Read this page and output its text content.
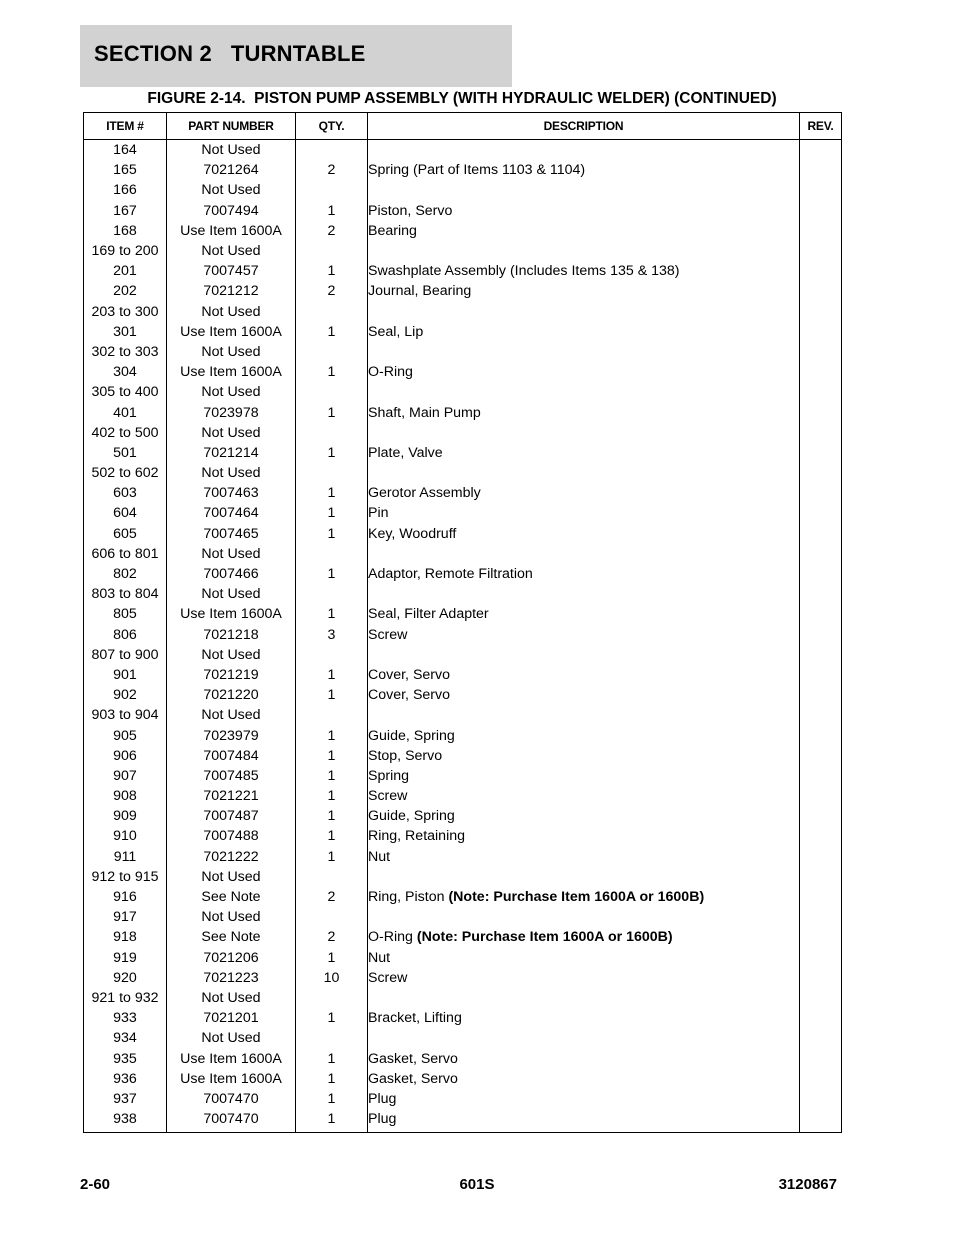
SECTION 2   TURNTABLE
FIGURE 2-14.  PISTON PUMP ASSEMBLY (WITH HYDRAULIC WELDER) (CONTINUED)
ITEM #	PART NUMBER	QTY.	DESCRIPTION	REV.
164	Not Used			
165	7021264	2	Spring (Part of Items 1103 & 1104)	
166	Not Used			
167	7007494	1	Piston, Servo	
168	Use Item 1600A	2	Bearing	
169 to 200	Not Used			
201	7007457	1	Swashplate Assembly (Includes Items 135 & 138)	
202	7021212	2	Journal, Bearing	
203 to 300	Not Used			
301	Use Item 1600A	1	Seal, Lip	
302 to 303	Not Used			
304	Use Item 1600A	1	O-Ring	
305 to 400	Not Used			
401	7023978	1	Shaft, Main Pump	
402 to 500	Not Used			
501	7021214	1	Plate, Valve	
502 to 602	Not Used			
603	7007463	1	Gerotor Assembly	
604	7007464	1	Pin	
605	7007465	1	Key, Woodruff	
606 to 801	Not Used			
802	7007466	1	Adaptor, Remote Filtration	
803 to 804	Not Used			
805	Use Item 1600A	1	Seal, Filter Adapter	
806	7021218	3	Screw	
807 to 900	Not Used			
901	7021219	1	Cover, Servo	
902	7021220	1	Cover, Servo	
903 to 904	Not Used			
905	7023979	1	Guide, Spring	
906	7007484	1	Stop, Servo	
907	7007485	1	Spring	
908	7021221	1	Screw	
909	7007487	1	Guide, Spring	
910	7007488	1	Ring, Retaining	
911	7021222	1	Nut	
912 to 915	Not Used			
916	See Note	2	Ring, Piston (Note: Purchase Item 1600A or 1600B)	
917	Not Used			
918	See Note	2	O-Ring (Note: Purchase Item 1600A or 1600B)	
919	7021206	1	Nut	
920	7021223	10	Screw	
921 to 932	Not Used			
933	7021201	1	Bracket, Lifting	
934	Not Used			
935	Use Item 1600A	1	Gasket, Servo	
936	Use Item 1600A	1	Gasket, Servo	
937	7007470	1	Plug	
938	7007470	1	Plug	

2-60	601S	3120867
